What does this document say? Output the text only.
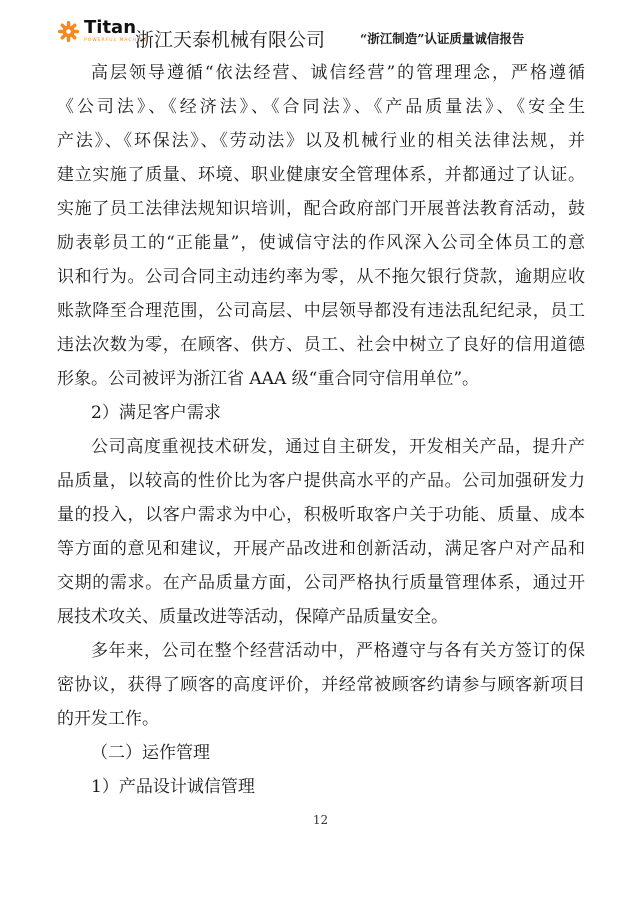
Titan
POWERFUL MACHINE
浙江天泰机械有限公司	“浙江制造”认证质量诚信报告
高层领导遵循“依法经营、诚信经营”的管理理念，严格遵循
《公司法》、《经济法》、《合同法》、《产品质量法》、《安全生
产法》、《环保法》、《劳动法》以及机械行业的相关法律法规，并
建立实施了质量、环境、职业健康安全管理体系，并都通过了认证。
实施了员工法律法规知识培训，配合政府部门开展普法教育活动，鼓
励表彰员工的“正能量”，使诚信守法的作风深入公司全体员工的意
识和行为。公司合同主动违约率为零，从不拖欠银行贷款，逾期应收
账款降至合理范围，公司高层、中层领导都没有违法乱纪纪录，员工
违法次数为零，在顾客、供方、员工、社会中树立了良好的信用道德
形象。公司被评为浙江省 AAA 级“重合同守信用单位”。
2）满足客户需求
公司高度重视技术研发，通过自主研发，开发相关产品，提升产
品质量，以较高的性价比为客户提供高水平的产品。公司加强研发力
量的投入，以客户需求为中心，积极听取客户关于功能、质量、成本
等方面的意见和建议，开展产品改进和创新活动，满足客户对产品和
交期的需求。在产品质量方面，公司严格执行质量管理体系，通过开
展技术攻关、质量改进等活动，保障产品质量安全。
多年来，公司在整个经营活动中，严格遵守与各有关方签订的保
密协议，获得了顾客的高度评价，并经常被顾客约请参与顾客新项目
的开发工作。
（二）运作管理
1）产品设计诚信管理
12
